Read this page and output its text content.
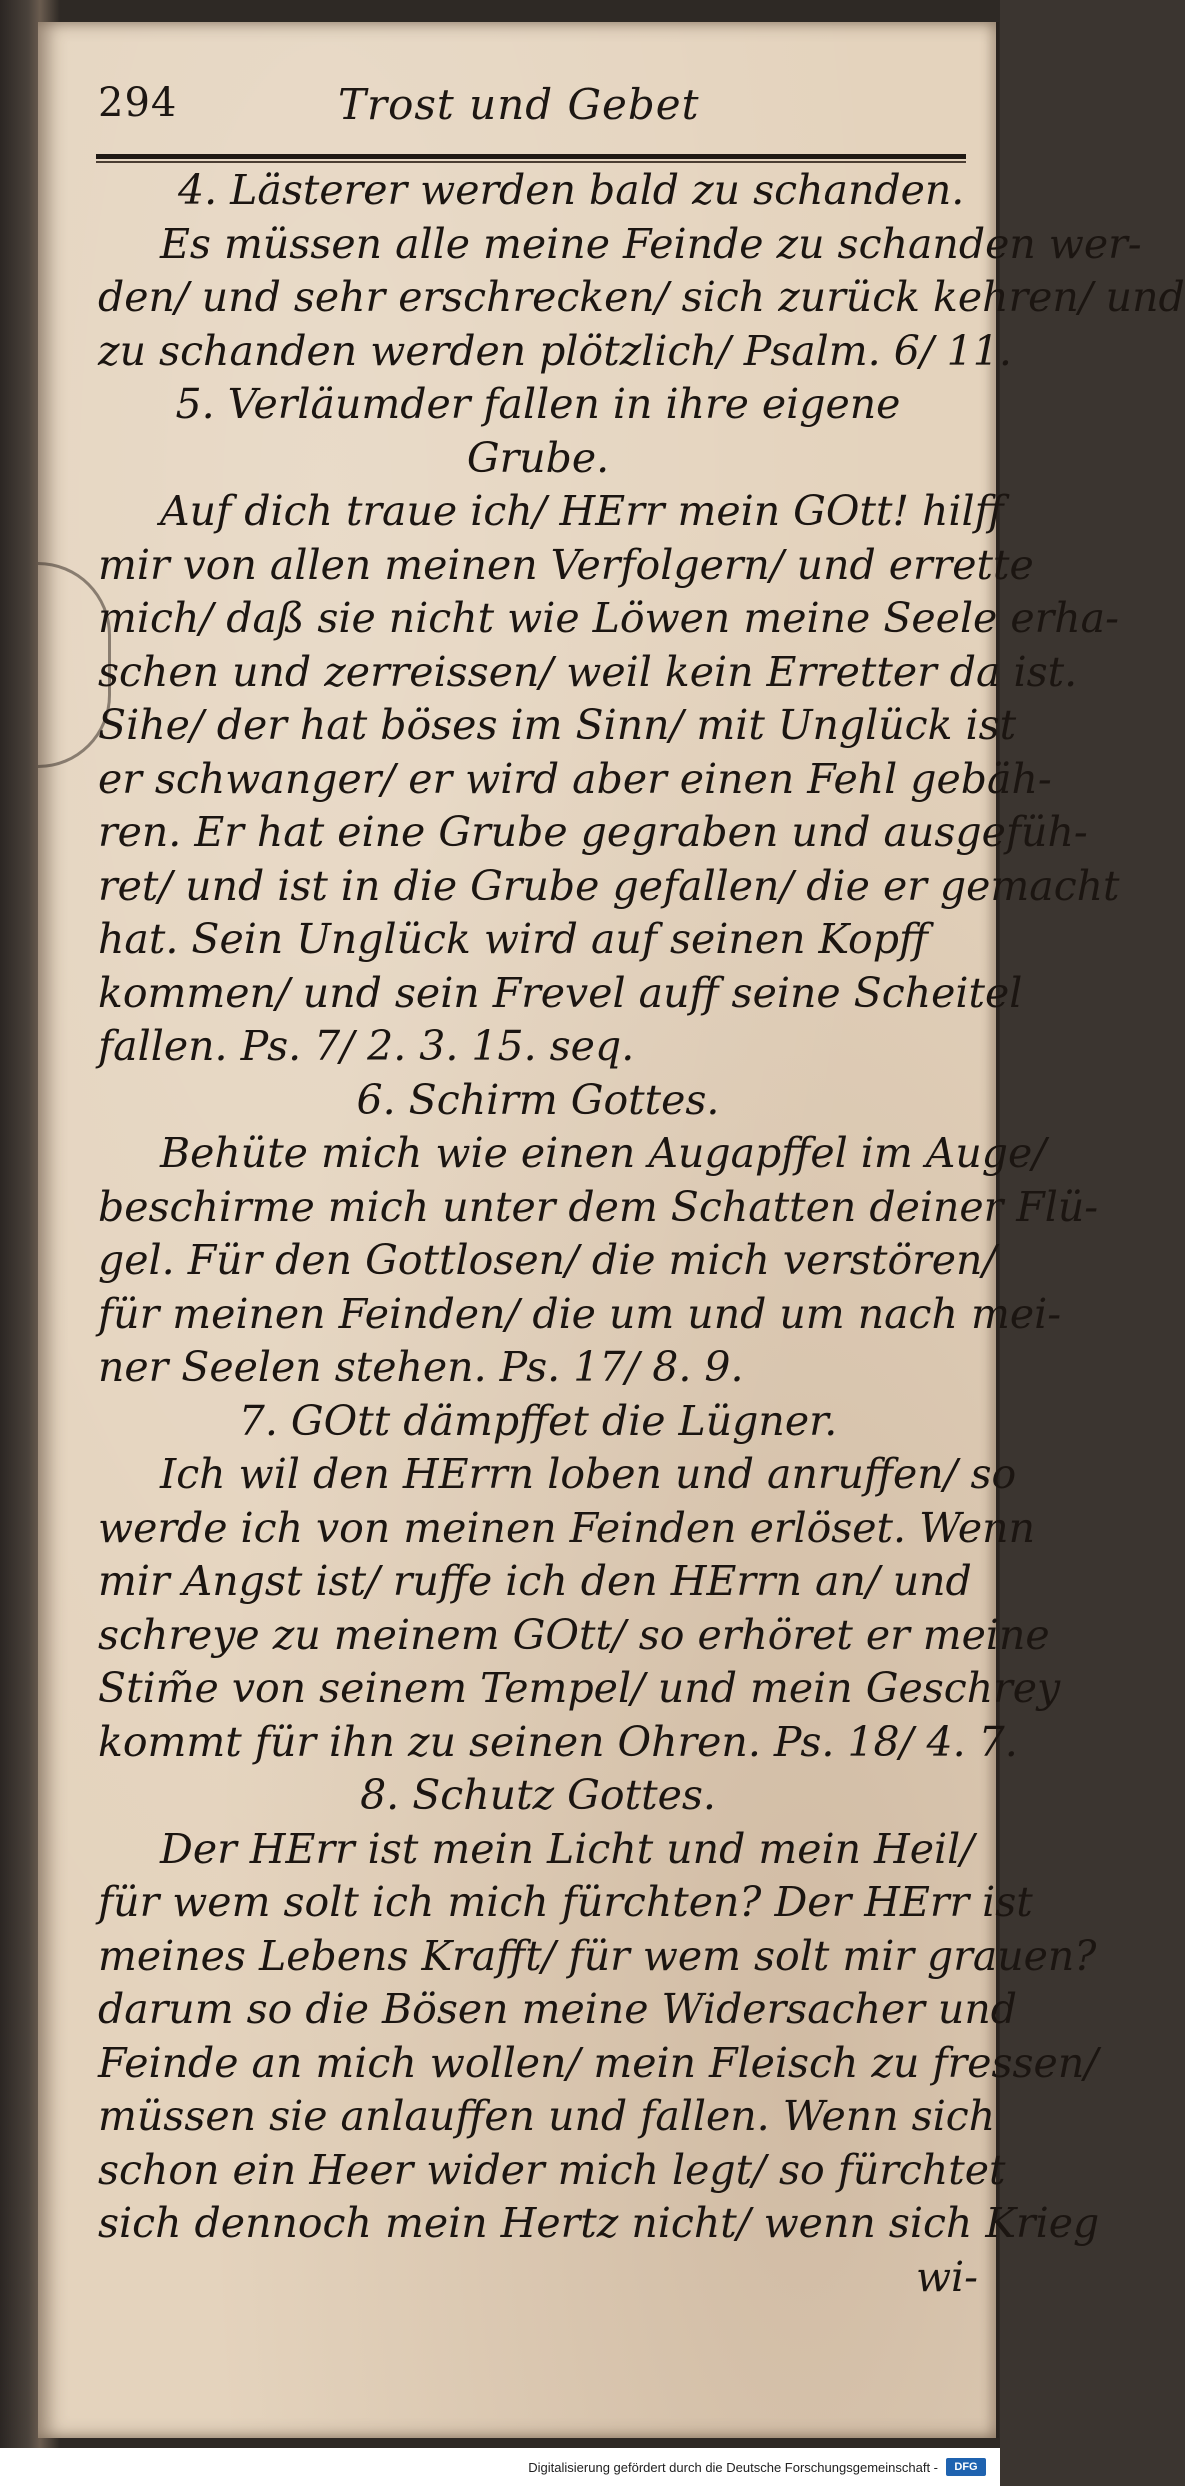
294	Trost und Gebet
4. Lästerer werden bald zu schanden.
Es müssen alle meine Feinde zu schanden wer-
den/ und sehr erschrecken/ sich zurück kehren/ und
zu schanden werden plötzlich/ Psalm. 6/ 11.
5. Verläumder fallen in ihre eigene
Grube.
Auf dich traue ich/ HErr mein GOtt! hilff
mir von allen meinen Verfolgern/ und errette
mich/ daß sie nicht wie Löwen meine Seele erha-
schen und zerreissen/ weil kein Erretter da ist.
Sihe/ der hat böses im Sinn/ mit Unglück ist
er schwanger/ er wird aber einen Fehl gebäh-
ren. Er hat eine Grube gegraben und ausgefüh-
ret/ und ist in die Grube gefallen/ die er gemacht
hat. Sein Unglück wird auf seinen Kopff
kommen/ und sein Frevel auff seine Scheitel
fallen. Ps. 7/ 2. 3. 15. seq.
6. Schirm Gottes.
Behüte mich wie einen Augapffel im Auge/
beschirme mich unter dem Schatten deiner Flü-
gel. Für den Gottlosen/ die mich verstören/
für meinen Feinden/ die um und um nach mei-
ner Seelen stehen. Ps. 17/ 8. 9.
7. GOtt dämpffet die Lügner.
Ich wil den HErrn loben und anruffen/ so
werde ich von meinen Feinden erlöset. Wenn
mir Angst ist/ ruffe ich den HErrn an/ und
schreye zu meinem GOtt/ so erhöret er meine
Stim̃e von seinem Tempel/ und mein Geschrey
kommt für ihn zu seinen Ohren. Ps. 18/ 4. 7.
8. Schutz Gottes.
Der HErr ist mein Licht und mein Heil/
für wem solt ich mich fürchten? Der HErr ist
meines Lebens Krafft/ für wem solt mir grauen?
darum so die Bösen meine Widersacher und
Feinde an mich wollen/ mein Fleisch zu fressen/
müssen sie anlauffen und fallen. Wenn sich
schon ein Heer wider mich legt/ so fürchtet
sich dennoch mein Hertz nicht/ wenn sich Krieg
wi-
Digitalisierung gefördert durch die Deutsche Forschungsgemeinschaft -	DFG
